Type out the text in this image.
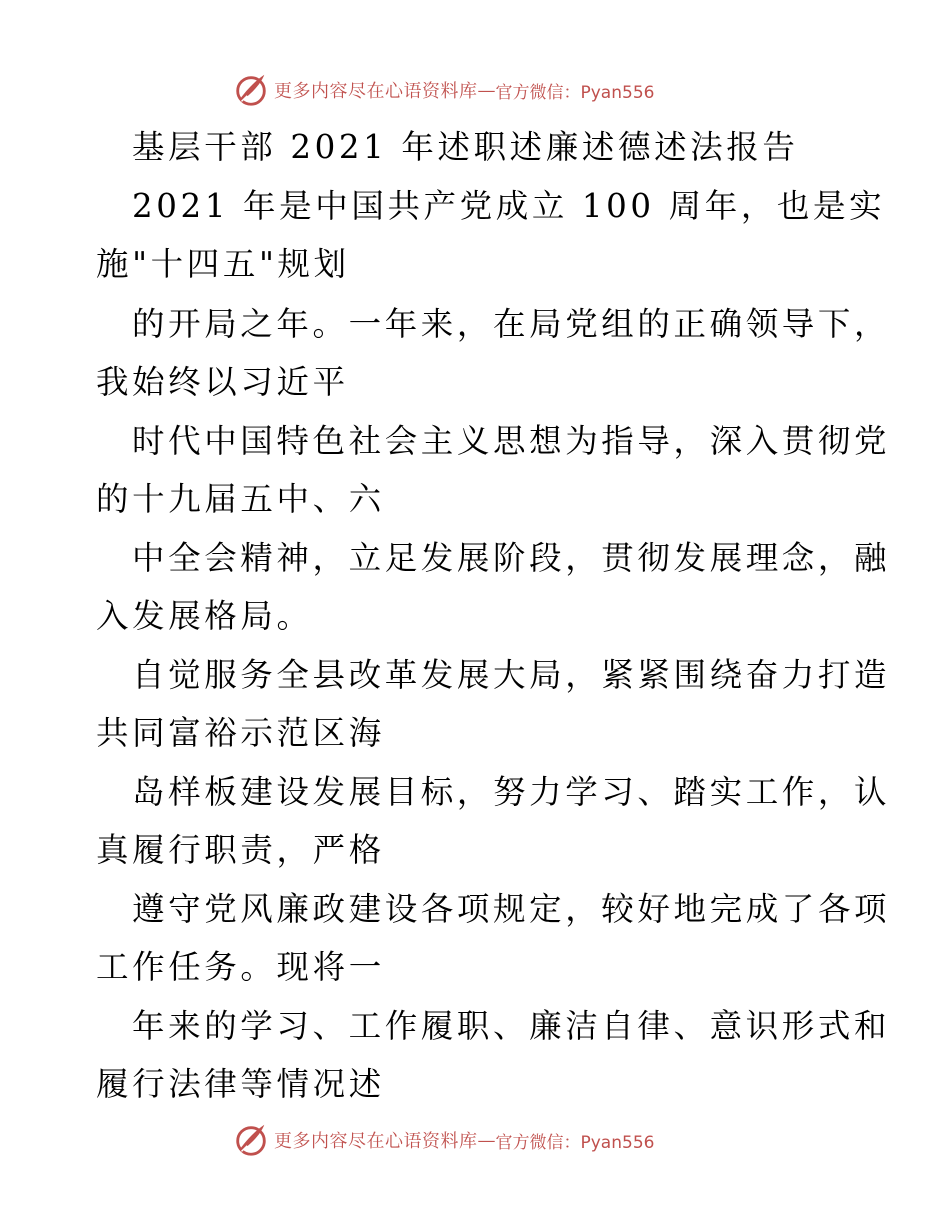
更多内容尽在心语资料库 — 官方微信：Pyan556
基层干部 2021 年述职述廉述德述法报告
2021 年是中国共产党成立 100 周年，也是实
施"十四五"规划
的开局之年。一年来，在局党组的正确领导下，
我始终以习近平
时代中国特色社会主义思想为指导，深入贯彻党
的十九届五中、六
中全会精神，立足发展阶段，贯彻发展理念，融
入发展格局。
自觉服务全县改革发展大局，紧紧围绕奋力打造
共同富裕示范区海
岛样板建设发展目标，努力学习、踏实工作，认
真履行职责，严格
遵守党风廉政建设各项规定，较好地完成了各项
工作任务。现将一
年来的学习、工作履职、廉洁自律、意识形式和
履行法律等情况述
更多内容尽在心语资料库 — 官方微信：Pyan556
